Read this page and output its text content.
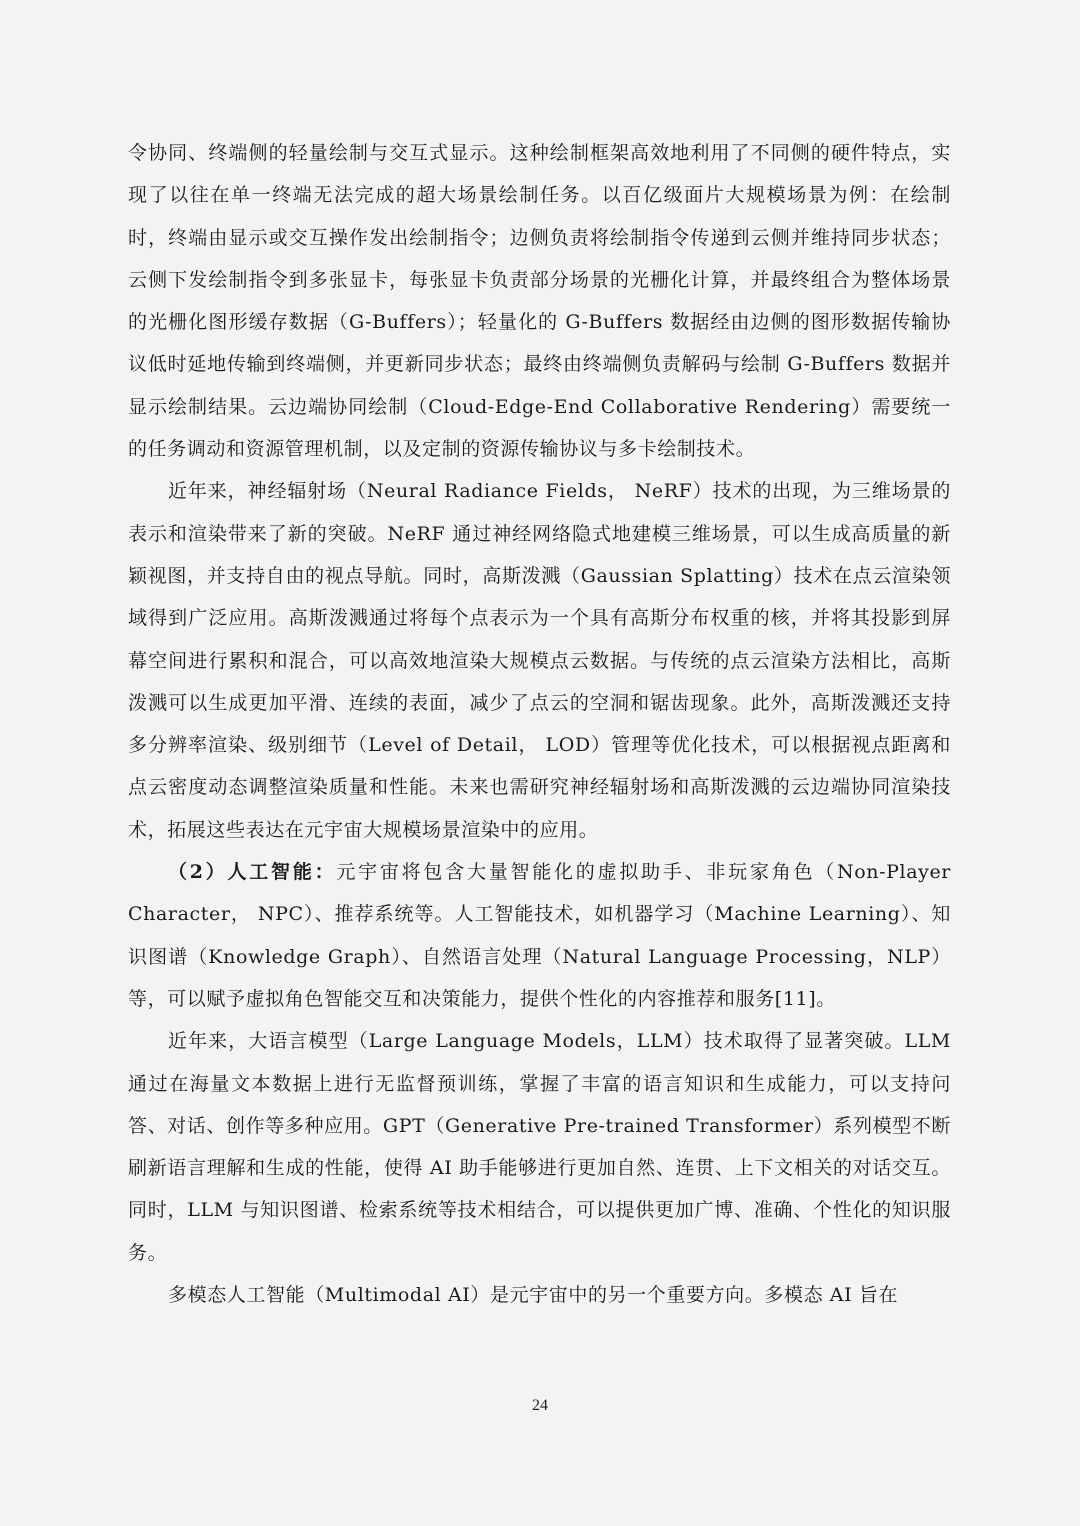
令协同、终端侧的轻量绘制与交互式显示。这种绘制框架高效地利用了不同侧的硬件特点，实现了以往在单一终端无法完成的超大场景绘制任务。以百亿级面片大规模场景为例：在绘制时，终端由显示或交互操作发出绘制指令；边侧负责将绘制指令传递到云侧并维持同步状态；云侧下发绘制指令到多张显卡，每张显卡负责部分场景的光栅化计算，并最终组合为整体场景的光栅化图形缓存数据（G-Buffers）；轻量化的 G-Buffers 数据经由边侧的图形数据传输协议低时延地传输到终端侧，并更新同步状态；最终由终端侧负责解码与绘制 G-Buffers 数据并显示绘制结果。云边端协同绘制（Cloud-Edge-End Collaborative Rendering）需要统一的任务调动和资源管理机制，以及定制的资源传输协议与多卡绘制技术。

近年来，神经辐射场（Neural Radiance Fields， NeRF）技术的出现，为三维场景的表示和渲染带来了新的突破。NeRF 通过神经网络隐式地建模三维场景，可以生成高质量的新颖视图，并支持自由的视点导航。同时，高斯泼溅（Gaussian Splatting）技术在点云渲染领域得到广泛应用。高斯泼溅通过将每个点表示为一个具有高斯分布权重的核，并将其投影到屏幕空间进行累积和混合，可以高效地渲染大规模点云数据。与传统的点云渲染方法相比，高斯泼溅可以生成更加平滑、连续的表面，减少了点云的空洞和锯齿现象。此外，高斯泼溅还支持多分辨率渲染、级别细节（Level of Detail， LOD）管理等优化技术，可以根据视点距离和点云密度动态调整渲染质量和性能。未来也需研究神经辐射场和高斯泼溅的云边端协同渲染技术，拓展这些表达在元宇宙大规模场景渲染中的应用。

（2）人工智能：元宇宙将包含大量智能化的虚拟助手、非玩家角色（Non-Player Character， NPC）、推荐系统等。人工智能技术，如机器学习（Machine Learning）、知识图谱（Knowledge Graph）、自然语言处理（Natural Language Processing，NLP）等，可以赋予虚拟角色智能交互和决策能力，提供个性化的内容推荐和服务[11]。

近年来，大语言模型（Large Language Models，LLM）技术取得了显著突破。LLM 通过在海量文本数据上进行无监督预训练，掌握了丰富的语言知识和生成能力，可以支持问答、对话、创作等多种应用。GPT（Generative Pre-trained Transformer）系列模型不断刷新语言理解和生成的性能，使得 AI 助手能够进行更加自然、连贯、上下文相关的对话交互。同时，LLM 与知识图谱、检索系统等技术相结合，可以提供更加广博、准确、个性化的知识服务。

多模态人工智能（Multimodal AI）是元宇宙中的另一个重要方向。多模态 AI 旨在

24
